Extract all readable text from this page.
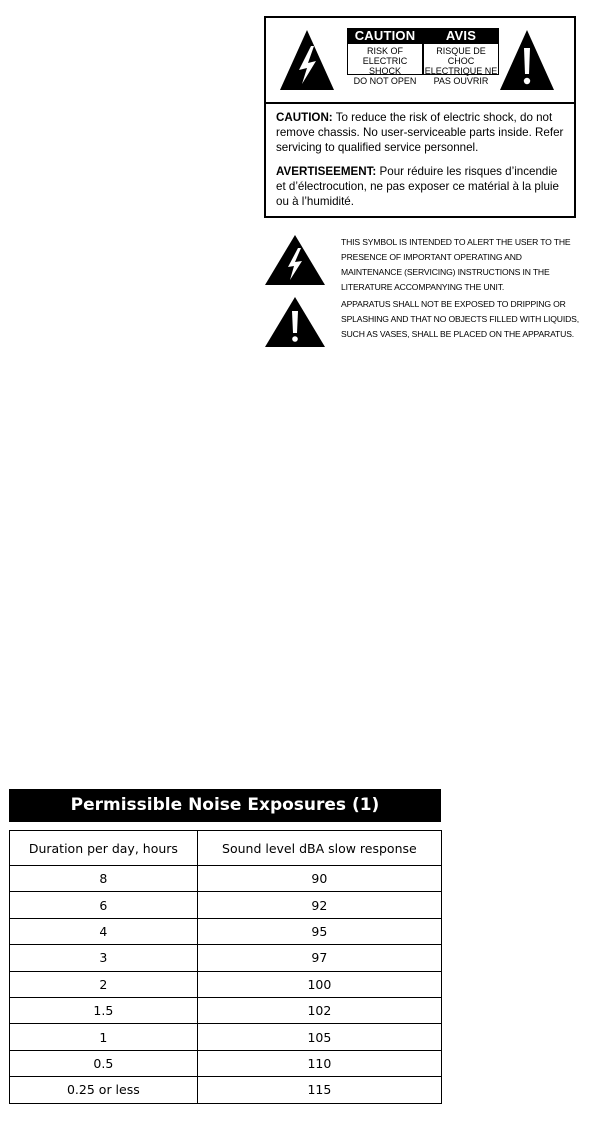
CAUTION
RISK OF
ELECTRIC SHOCK
DO NOT OPEN
AVIS
RISQUE DE CHOC
ELECTRIQUE NE
PAS OUVRIR

CAUTION: To reduce the risk of electric shock, do not remove chassis. No user-serviceable parts inside. Refer servicing to qualified service personnel.

AVERTISEEMENT: Pour réduire les risques d’incendie et d’électrocution, ne pas exposer ce matérial à la pluie ou à l’humidité.

THIS SYMBOL IS INTENDED TO ALERT THE USER TO THE PRESENCE OF IMPORTANT OPERATING AND MAINTENANCE (SERVICING) INSTRUCTIONS IN THE LITERATURE ACCOMPANYING THE UNIT.
APPARATUS SHALL NOT BE EXPOSED TO DRIPPING OR SPLASHING AND THAT NO OBJECTS FILLED WITH LIQUIDS, SUCH AS VASES, SHALL BE PLACED ON THE APPARATUS.
Permissible Noise Exposures (1)
Duration per day, hours	Sound level dBA slow response
8	90
6	92
4	95
3	97
2	100
1.5	102
1	105
0.5	110
0.25 or less	115
